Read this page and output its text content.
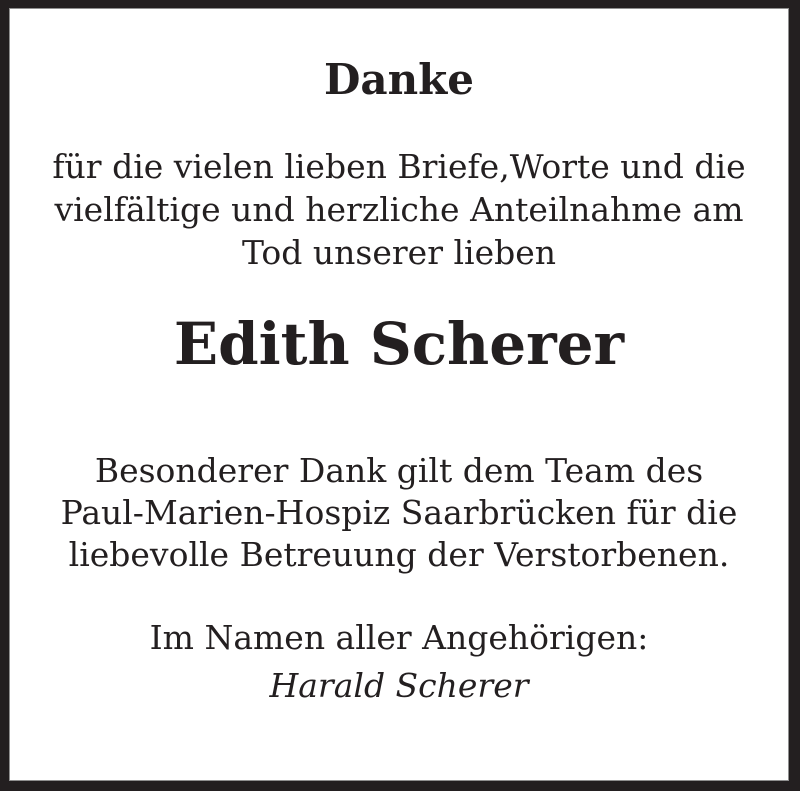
Danke
für die vielen lieben Briefe,Worte und die
vielfältige und herzliche Anteilnahme am
Tod unserer lieben
Edith Scherer
Besonderer Dank gilt dem Team des
Paul-Marien-Hospiz Saarbrücken für die
liebevolle Betreuung der Verstorbenen.
Im Namen aller Angehörigen:
Harald Scherer
